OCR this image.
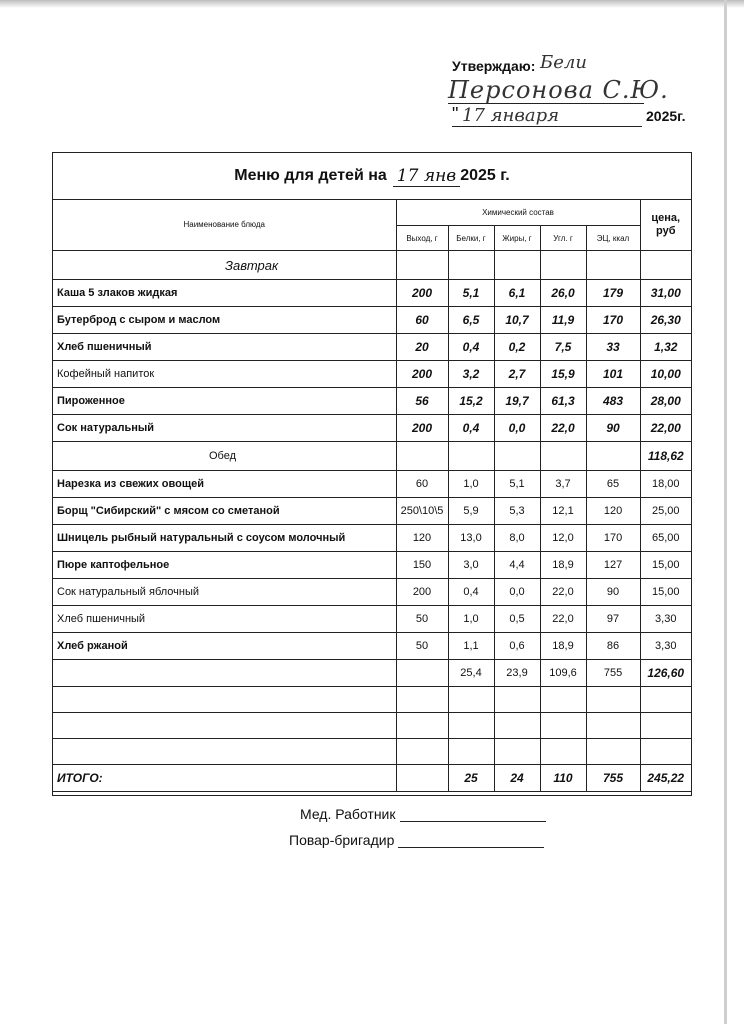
Утверждаю: Бели
Персонова С.Ю.
" 17 января	2025г.
Меню для детей на 17 янв 2025 г.
Наименование блюда	Химический состав					цена, руб
	Выход, г	Белки, г	Жиры, г	Угл. г	ЭЦ, ккал	
Завтрак						
Каша 5 злаков жидкая	200	5,1	6,1	26,0	179	31,00
Бутерброд с сыром и маслом	60	6,5	10,7	11,9	170	26,30
Хлеб пшеничный	20	0,4	0,2	7,5	33	1,32
Кофейный напиток	200	3,2	2,7	15,9	101	10,00
Пироженное	56	15,2	19,7	61,3	483	28,00
Сок натуральный	200	0,4	0,0	22,0	90	22,00
Обед						118,62
Нарезка из свежих овощей	60	1,0	5,1	3,7	65	18,00
Борщ "Сибирский" с мясом со сметаной	250\10\5	5,9	5,3	12,1	120	25,00
Шницель рыбный натуральный с соусом молочный	120	13,0	8,0	12,0	170	65,00
Пюре каптофельное	150	3,0	4,4	18,9	127	15,00
Сок натуральный яблочный	200	0,4	0,0	22,0	90	15,00
Хлеб пшеничный	50	1,0	0,5	22,0	97	3,30
Хлеб ржаной	50	1,1	0,6	18,9	86	3,30
		25,4	23,9	109,6	755	126,60

ИТОГО:		25	24	110	755	245,22
Мед. Работник
Повар-бригадир
